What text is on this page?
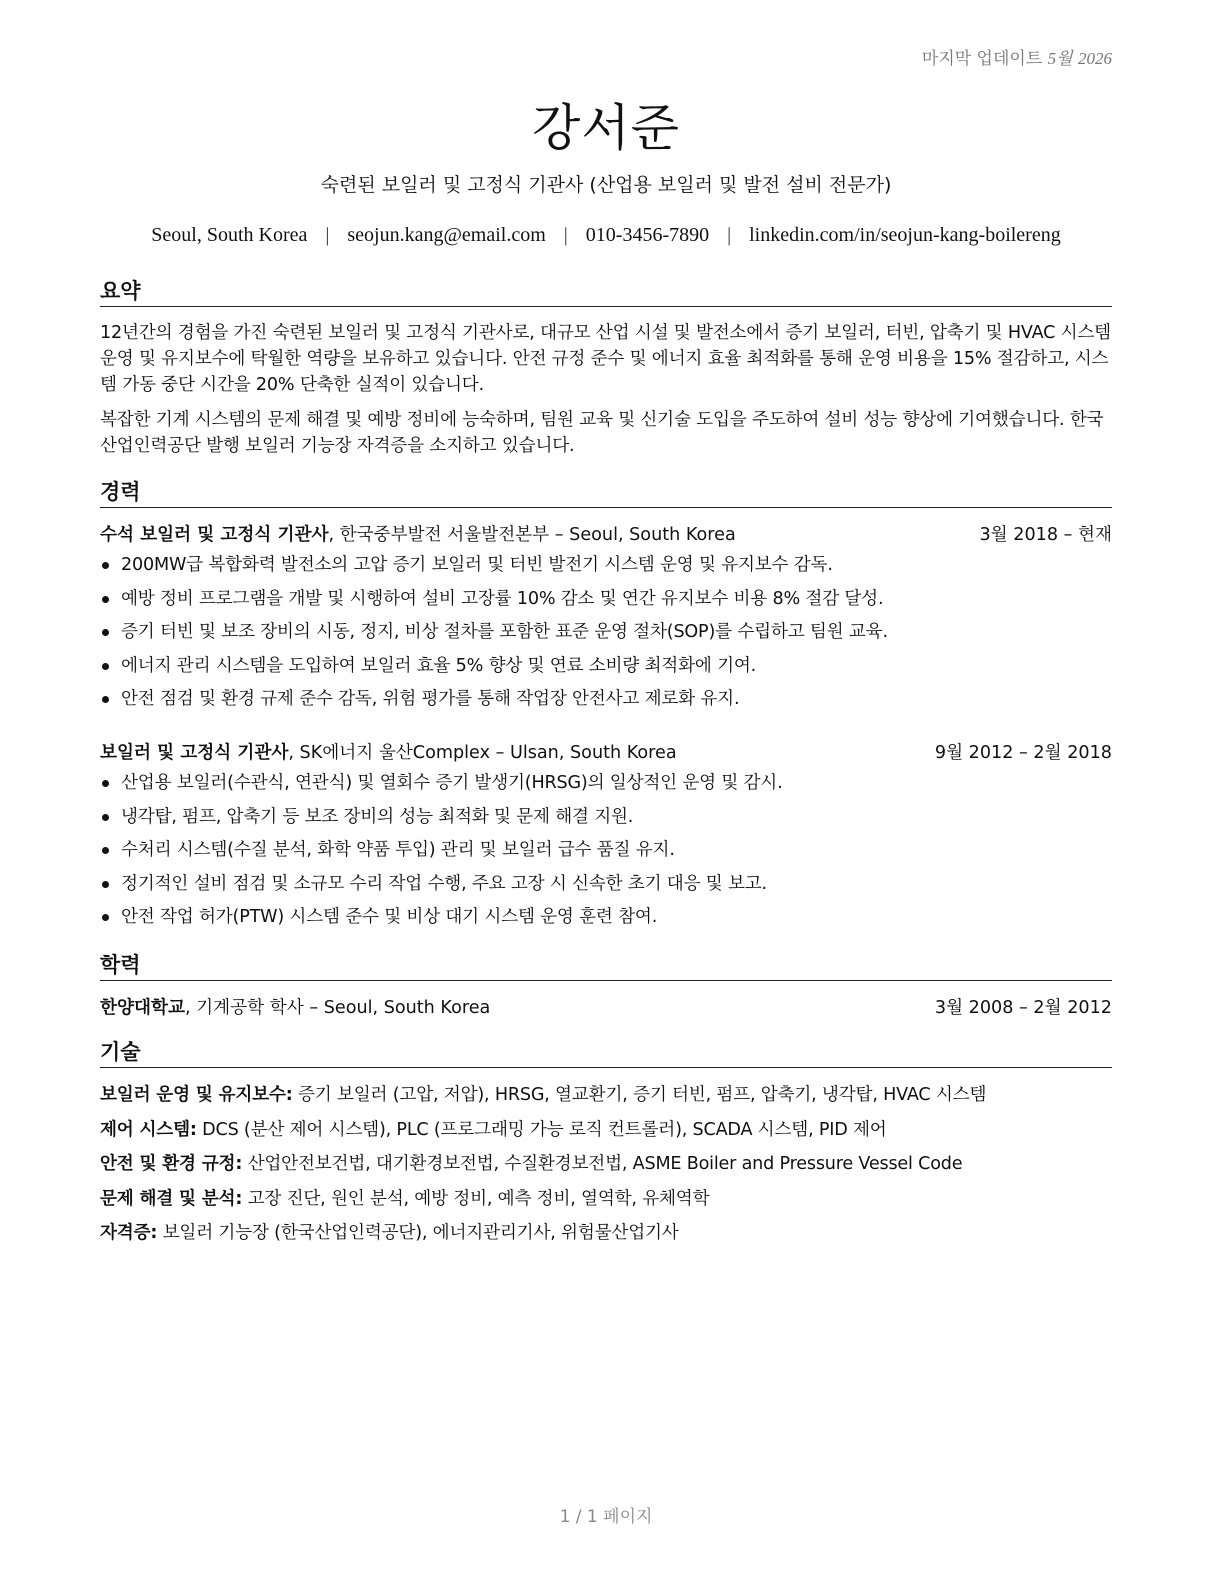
마지막 업데이트 5월 2026
강서준
숙련된 보일러 및 고정식 기관사 (산업용 보일러 및 발전 설비 전문가)
Seoul, South Korea | seojun.kang@email.com | 010-3456-7890 | linkedin.com/in/seojun-kang-boilereng
요약

12년간의 경험을 가진 숙련된 보일러 및 고정식 기관사로, 대규모 산업 시설 및 발전소에서 증기 보일러, 터빈, 압축기 및 HVAC 시스템 운영 및 유지보수에 탁월한 역량을 보유하고 있습니다. 안전 규정 준수 및 에너지 효율 최적화를 통해 운영 비용을 15% 절감하고, 시스템 가동 중단 시간을 20% 단축한 실적이 있습니다.

복잡한 기계 시스템의 문제 해결 및 예방 정비에 능숙하며, 팀원 교육 및 신기술 도입을 주도하여 설비 성능 향상에 기여했습니다. 한국산업인력공단 발행 보일러 기능장 자격증을 소지하고 있습니다.

경력
수석 보일러 및 고정식 기관사, 한국중부발전 서울발전본부 – Seoul, South Korea	3월 2018 – 현재
200MW급 복합화력 발전소의 고압 증기 보일러 및 터빈 발전기 시스템 운영 및 유지보수 감독.
예방 정비 프로그램을 개발 및 시행하여 설비 고장률 10% 감소 및 연간 유지보수 비용 8% 절감 달성.
증기 터빈 및 보조 장비의 시동, 정지, 비상 절차를 포함한 표준 운영 절차(SOP)를 수립하고 팀원 교육.
에너지 관리 시스템을 도입하여 보일러 효율 5% 향상 및 연료 소비량 최적화에 기여.
안전 점검 및 환경 규제 준수 감독, 위험 평가를 통해 작업장 안전사고 제로화 유지.
보일러 및 고정식 기관사, SK에너지 울산Complex – Ulsan, South Korea	9월 2012 – 2월 2018
산업용 보일러(수관식, 연관식) 및 열회수 증기 발생기(HRSG)의 일상적인 운영 및 감시.
냉각탑, 펌프, 압축기 등 보조 장비의 성능 최적화 및 문제 해결 지원.
수처리 시스템(수질 분석, 화학 약품 투입) 관리 및 보일러 급수 품질 유지.
정기적인 설비 점검 및 소규모 수리 작업 수행, 주요 고장 시 신속한 초기 대응 및 보고.
안전 작업 허가(PTW) 시스템 준수 및 비상 대기 시스템 운영 훈련 참여.
학력
한양대학교, 기계공학 학사 – Seoul, South Korea	3월 2008 – 2월 2012
기술
보일러 운영 및 유지보수: 증기 보일러 (고압, 저압), HRSG, 열교환기, 증기 터빈, 펌프, 압축기, 냉각탑, HVAC 시스템
제어 시스템: DCS (분산 제어 시스템), PLC (프로그래밍 가능 로직 컨트롤러), SCADA 시스템, PID 제어
안전 및 환경 규정: 산업안전보건법, 대기환경보전법, 수질환경보전법, ASME Boiler and Pressure Vessel Code
문제 해결 및 분석: 고장 진단, 원인 분석, 예방 정비, 예측 정비, 열역학, 유체역학
자격증: 보일러 기능장 (한국산업인력공단), 에너지관리기사, 위험물산업기사
1 / 1 페이지
